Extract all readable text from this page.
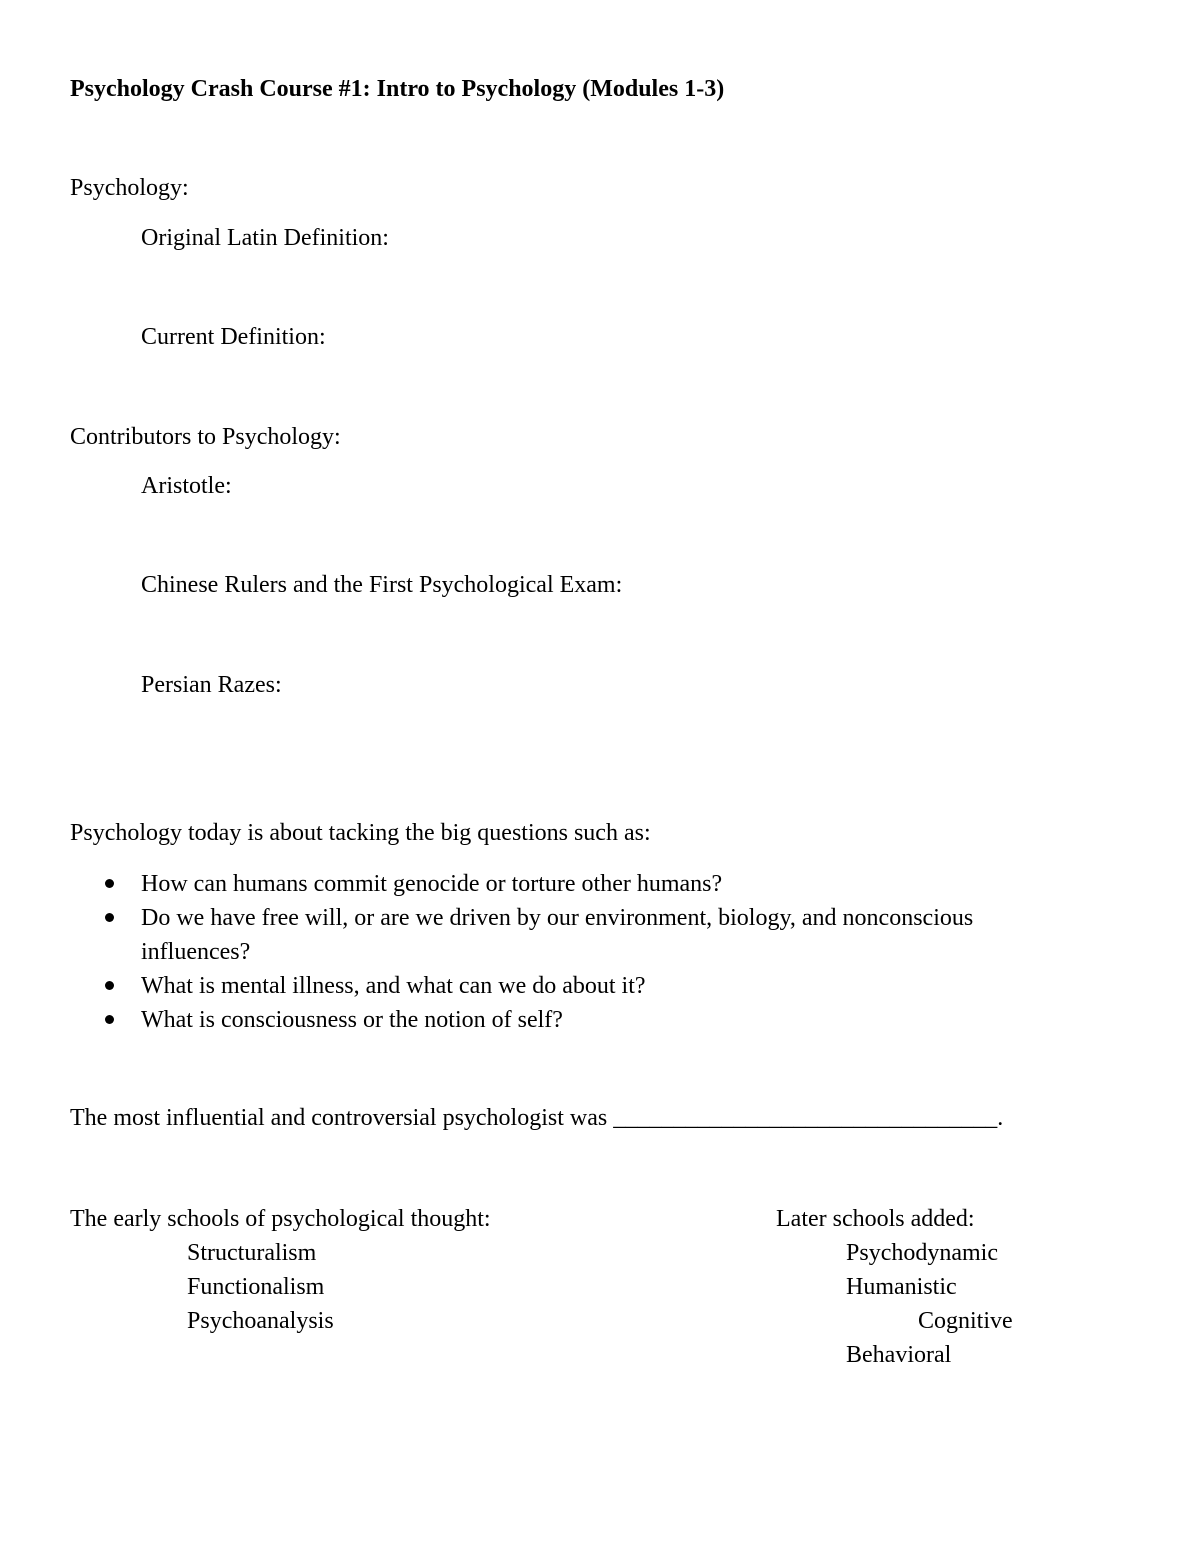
Psychology Crash Course #1: Intro to Psychology (Modules 1-3)
Psychology:
Original Latin Definition:
Current Definition:
Contributors to Psychology:
Aristotle:
Chinese Rulers and the First Psychological Exam:
Persian Razes:
Psychology today is about tacking the big questions such as:
How can humans commit genocide or torture other humans?
Do we have free will, or are we driven by our environment, biology, and nonconscious
influences?
What is mental illness, and what can we do about it?
What is consciousness or the notion of self?
The most influential and controversial psychologist was ________________________________.
The early schools of psychological thought:
Structuralism
Functionalism
Psychoanalysis
Later schools added:
Psychodynamic
Humanistic
Cognitive
Behavioral
